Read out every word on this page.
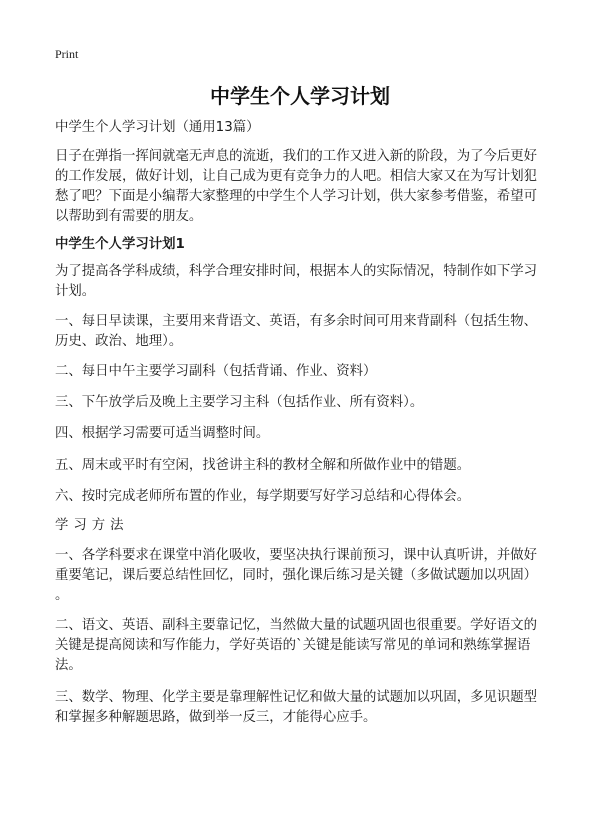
Print
中学生个人学习计划
中学生个人学习计划（通用13篇）
日子在弹指一挥间就毫无声息的流逝，我们的工作又进入新的阶段，为了今后更好
的工作发展，做好计划，让自己成为更有竞争力的人吧。相信大家又在为写计划犯
愁了吧？下面是小编帮大家整理的中学生个人学习计划，供大家参考借鉴，希望可
以帮助到有需要的朋友。
中学生个人学习计划1
为了提高各学科成绩，科学合理安排时间，根据本人的实际情况，特制作如下学习
计划。
一、每日早读课，主要用来背语文、英语，有多余时间可用来背副科（包括生物、
历史、政治、地理）。
二、每日中午主要学习副科（包括背诵、作业、资料）
三、下午放学后及晚上主要学习主科（包括作业、所有资料）。
四、根据学习需要可适当调整时间。
五、周末或平时有空闲，找爸讲主科的教材全解和所做作业中的错题。
六、按时完成老师所布置的作业，每学期要写好学习总结和心得体会。
学习方法
一、各学科要求在课堂中消化吸收，要坚决执行课前预习，课中认真听讲，并做好
重要笔记，课后要总结性回忆，同时，强化课后练习是关键（多做试题加以巩固）
。
二、语文、英语、副科主要靠记忆，当然做大量的试题巩固也很重要。学好语文的
关键是提高阅读和写作能力，学好英语的`关键是能读写常见的单词和熟练掌握语
法。
三、数学、物理、化学主要是靠理解性记忆和做大量的试题加以巩固，多见识题型
和掌握多种解题思路，做到举一反三，才能得心应手。
